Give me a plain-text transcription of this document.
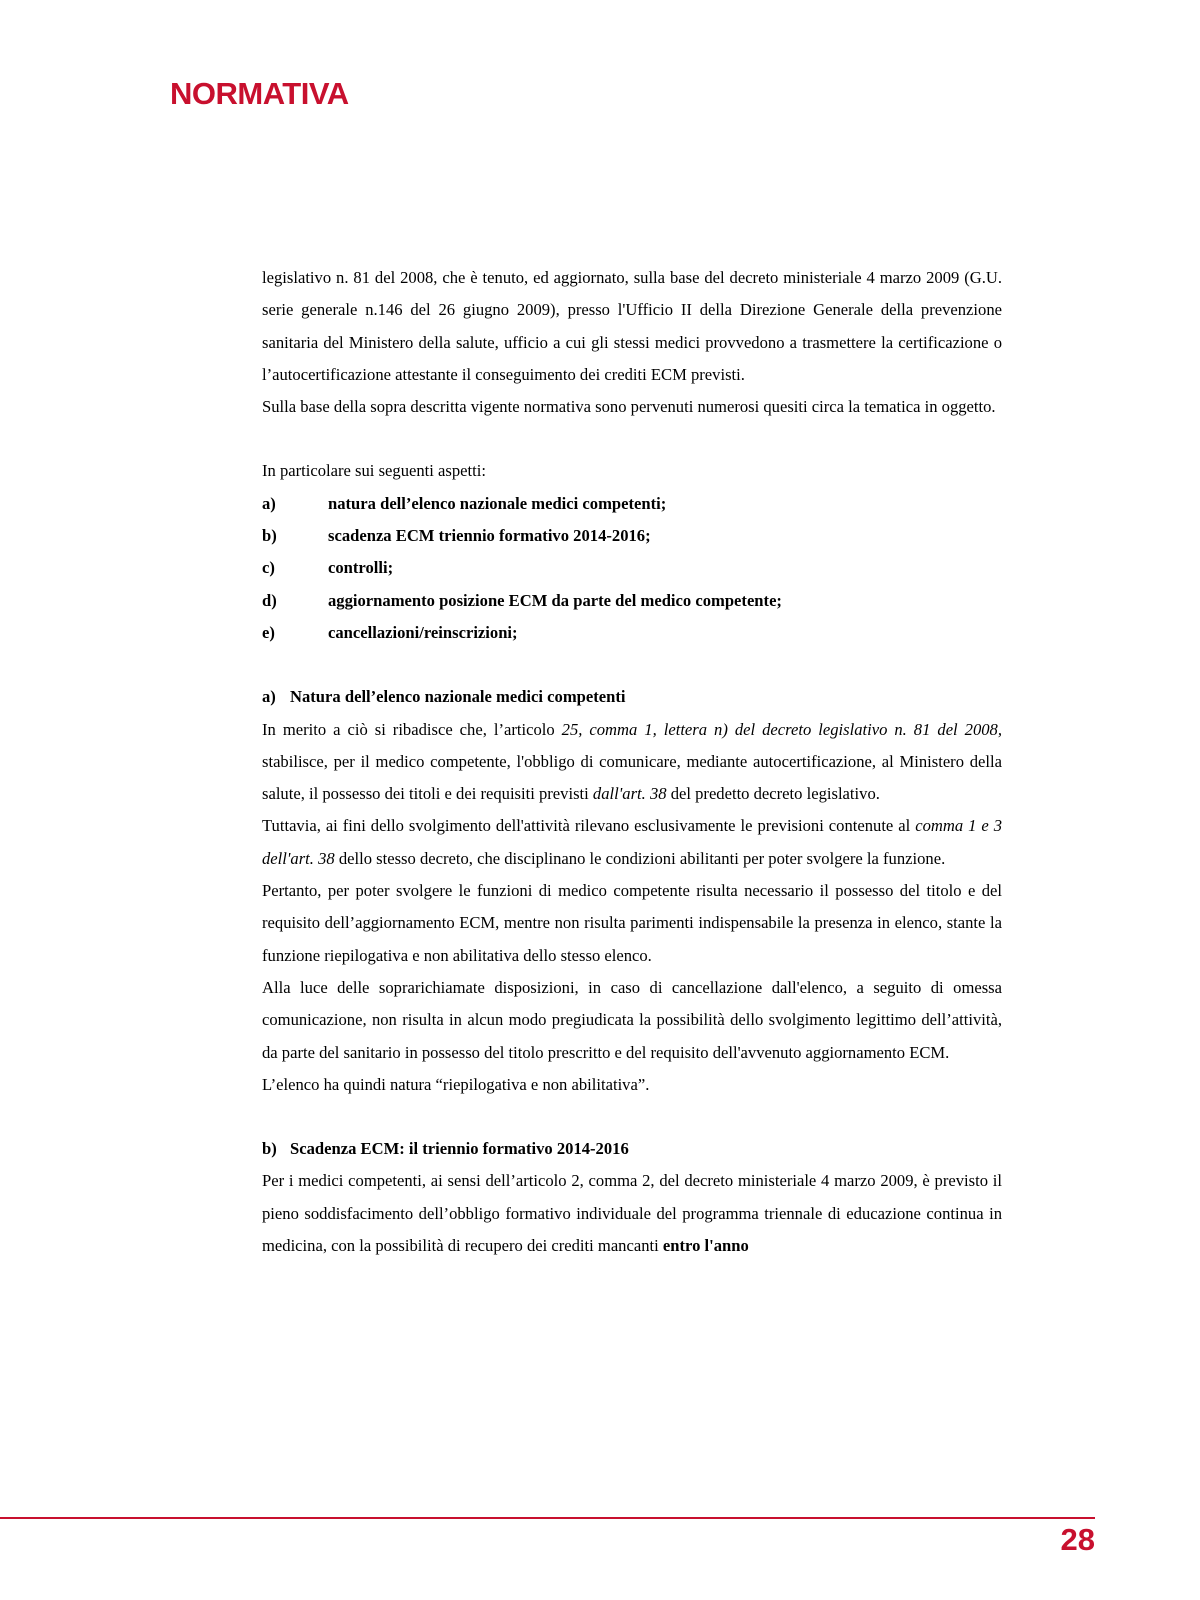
NORMATIVA

legislativo n. 81 del 2008, che è tenuto, ed aggiornato, sulla base del decreto ministeriale 4 marzo 2009 (G.U. serie generale n.146 del 26 giugno 2009), presso l'Ufficio II della Direzione Generale della prevenzione sanitaria del Ministero della salute, ufficio a cui gli stessi medici provvedono a trasmettere la certificazione o l’autocertificazione attestante il conseguimento dei crediti ECM previsti.

Sulla base della sopra descritta vigente normativa sono pervenuti numerosi quesiti circa la tematica in oggetto.

In particolare sui seguenti aspetti:

a)	natura dell’elenco nazionale medici competenti;
b)	scadenza ECM triennio formativo 2014-2016;
c)	controlli;
d)	aggiornamento posizione ECM da parte del medico competente;
e)	cancellazioni/reinscrizioni;

a) Natura dell’elenco nazionale medici competenti

In merito a ciò si ribadisce che, l’articolo 25, comma 1, lettera n) del decreto legislativo n. 81 del 2008, stabilisce, per il medico competente, l'obbligo di comunicare, mediante autocertificazione, al Ministero della salute, il possesso dei titoli e dei requisiti previsti dall'art. 38 del predetto decreto legislativo.

Tuttavia, ai fini dello svolgimento dell'attività rilevano esclusivamente le previsioni contenute al comma 1 e 3 dell'art. 38 dello stesso decreto, che disciplinano le condizioni abilitanti per poter svolgere la funzione.

Pertanto, per poter svolgere le funzioni di medico competente risulta necessario il possesso del titolo e del requisito dell’aggiornamento ECM, mentre non risulta parimenti indispensabile la presenza in elenco, stante la funzione riepilogativa e non abilitativa dello stesso elenco.

Alla luce delle soprarichiamate disposizioni, in caso di cancellazione dall'elenco, a seguito di omessa comunicazione, non risulta in alcun modo pregiudicata la possibilità dello svolgimento legittimo dell’attività, da parte del sanitario in possesso del titolo prescritto e del requisito dell'avvenuto aggiornamento ECM.

L’elenco ha quindi natura “riepilogativa e non abilitativa”.

b) Scadenza ECM: il triennio formativo 2014-2016

Per i medici competenti, ai sensi dell’articolo 2, comma 2, del decreto ministeriale 4 marzo 2009, è previsto il pieno soddisfacimento dell’obbligo formativo individuale del programma triennale di educazione continua in medicina, con la possibilità di recupero dei crediti mancanti entro l'anno

28
